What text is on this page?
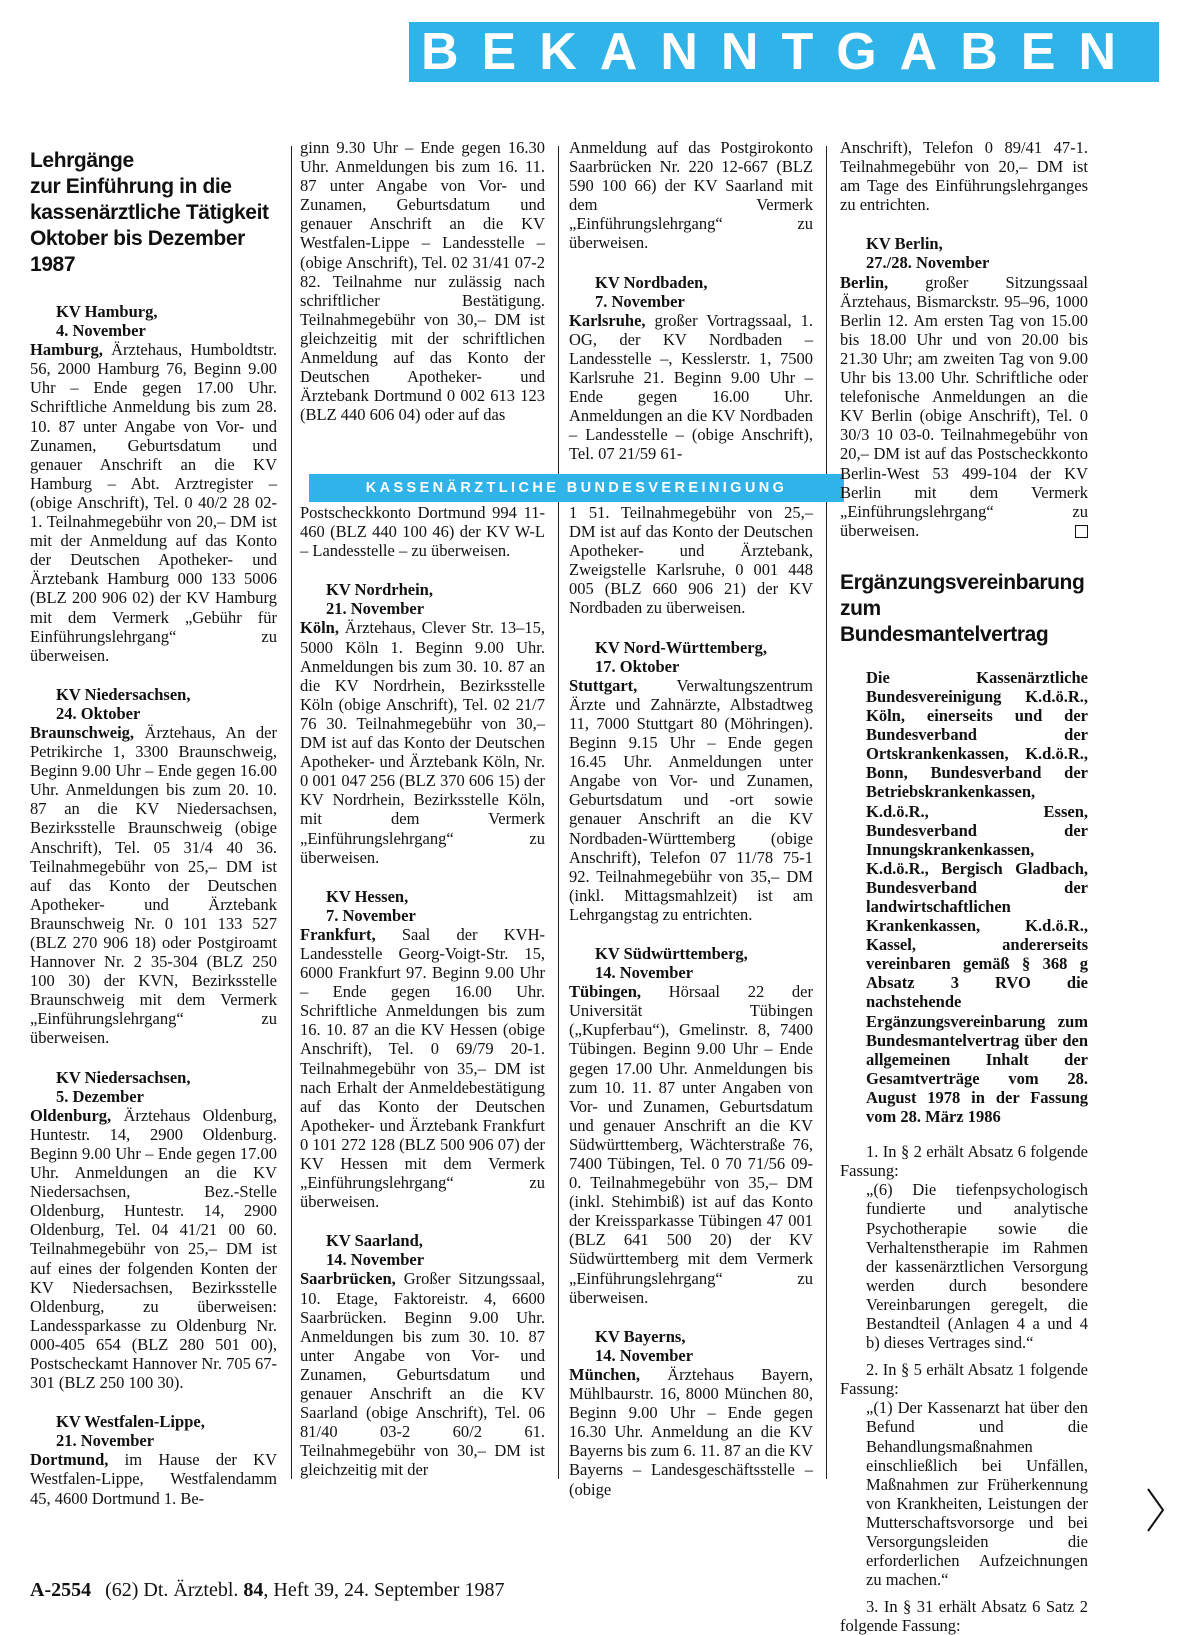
BEKANNTGABEN
Lehrgänge
zur Einführung in die
kassenärztliche Tätigkeit
Oktober bis Dezember
1987
KV Hamburg,
4. November

Hamburg, Ärztehaus, Humboldtstr. 56, 2000 Hamburg 76, Beginn 9.00 Uhr – Ende gegen 17.00 Uhr. Schriftliche Anmeldung bis zum 28. 10. 87 unter Angabe von Vor- und Zunamen, Geburtsdatum und genauer Anschrift an die KV Hamburg – Abt. Arztregister – (obige Anschrift), Tel. 0 40/2 28 02-1. Teilnahmegebühr von 20,– DM ist mit der Anmeldung auf das Konto der Deutschen Apotheker- und Ärztebank Hamburg 000 133 5006 (BLZ 200 906 02) der KV Hamburg mit dem Vermerk „Gebühr für Einführungslehrgang“ zu überweisen.

KV Niedersachsen,
24. Oktober

Braunschweig, Ärztehaus, An der Petrikirche 1, 3300 Braunschweig, Beginn 9.00 Uhr – Ende gegen 16.00 Uhr. Anmeldungen bis zum 20. 10. 87 an die KV Niedersachsen, Bezirksstelle Braunschweig (obige Anschrift), Tel. 05 31/4 40 36. Teilnahmegebühr von 25,– DM ist auf das Konto der Deutschen Apotheker- und Ärztebank Braunschweig Nr. 0 101 133 527 (BLZ 270 906 18) oder Postgiroamt Hannover Nr. 2 35-304 (BLZ 250 100 30) der KVN, Bezirksstelle Braunschweig mit dem Vermerk „Einführungslehrgang“ zu überweisen.

KV Niedersachsen,
5. Dezember

Oldenburg, Ärztehaus Oldenburg, Huntestr. 14, 2900 Oldenburg. Beginn 9.00 Uhr – Ende gegen 17.00 Uhr. Anmeldungen an die KV Niedersachsen, Bez.-Stelle Oldenburg, Huntestr. 14, 2900 Oldenburg, Tel. 04 41/21 00 60. Teilnahmegebühr von 25,– DM ist auf eines der folgenden Konten der KV Niedersachsen, Bezirksstelle Oldenburg, zu überweisen: Landessparkasse zu Oldenburg Nr. 000-405 654 (BLZ 280 501 00), Postscheckamt Hannover Nr. 705 67-301 (BLZ 250 100 30).

KV Westfalen-Lippe,
21. November

Dortmund, im Hause der KV Westfalen-Lippe, Westfalendamm 45, 4600 Dortmund 1. Be-

ginn 9.30 Uhr – Ende gegen 16.30 Uhr. Anmeldungen bis zum 16. 11. 87 unter Angabe von Vor- und Zunamen, Geburtsdatum und genauer Anschrift an die KV Westfalen-Lippe – Landesstelle – (obige Anschrift), Tel. 02 31/41 07-2 82. Teilnahme nur zulässig nach schriftlicher Bestätigung. Teilnahmegebühr von 30,– DM ist gleichzeitig mit der schriftlichen Anmeldung auf das Konto der Deutschen Apotheker- und Ärztebank Dortmund 0 002 613 123 (BLZ 440 606 04) oder auf das

Anmeldung auf das Postgirokonto Saarbrücken Nr. 220 12-667 (BLZ 590 100 66) der KV Saarland mit dem Vermerk „Einführungslehrgang“ zu überweisen.

KV Nordbaden,
7. November

Karlsruhe, großer Vortragssaal, 1. OG, der KV Nordbaden – Landesstelle –, Kesslerstr. 1, 7500 Karlsruhe 21. Beginn 9.00 Uhr – Ende gegen 16.00 Uhr. Anmeldungen an die KV Nordbaden – Landesstelle – (obige Anschrift), Tel. 07 21/59 61-

KASSENÄRZTLICHE BUNDESVEREINIGUNG

Postscheckkonto Dortmund 994 11-460 (BLZ 440 100 46) der KV W-L – Landesstelle – zu überweisen.

KV Nordrhein,
21. November

Köln, Ärztehaus, Clever Str. 13–15, 5000 Köln 1. Beginn 9.00 Uhr. Anmeldungen bis zum 30. 10. 87 an die KV Nordrhein, Bezirksstelle Köln (obige Anschrift), Tel. 02 21/7 76 30. Teilnahmegebühr von 30,– DM ist auf das Konto der Deutschen Apotheker- und Ärztebank Köln, Nr. 0 001 047 256 (BLZ 370 606 15) der KV Nordrhein, Bezirksstelle Köln, mit dem Vermerk „Einführungslehrgang“ zu überweisen.

KV Hessen,
7. November

Frankfurt, Saal der KVH-Landesstelle Georg-Voigt-Str. 15, 6000 Frankfurt 97. Beginn 9.00 Uhr – Ende gegen 16.00 Uhr. Schriftliche Anmeldungen bis zum 16. 10. 87 an die KV Hessen (obige Anschrift), Tel. 0 69/79 20-1. Teilnahmegebühr von 35,– DM ist nach Erhalt der Anmeldebestätigung auf das Konto der Deutschen Apotheker- und Ärztebank Frankfurt 0 101 272 128 (BLZ 500 906 07) der KV Hessen mit dem Vermerk „Einführungslehrgang“ zu überweisen.

KV Saarland,
14. November

Saarbrücken, Großer Sitzungssaal, 10. Etage, Faktoreistr. 4, 6600 Saarbrücken. Beginn 9.00 Uhr. Anmeldungen bis zum 30. 10. 87 unter Angabe von Vor- und Zunamen, Geburtsdatum und genauer Anschrift an die KV Saarland (obige Anschrift), Tel. 06 81/40 03-2 60/2 61. Teilnahmegebühr von 30,– DM ist gleichzeitig mit der

1 51. Teilnahmegebühr von 25,– DM ist auf das Konto der Deutschen Apotheker- und Ärztebank, Zweigstelle Karlsruhe, 0 001 448 005 (BLZ 660 906 21) der KV Nordbaden zu überweisen.

KV Nord-Württemberg,
17. Oktober

Stuttgart, Verwaltungszentrum Ärzte und Zahnärzte, Albstadtweg 11, 7000 Stuttgart 80 (Möhringen). Beginn 9.15 Uhr – Ende gegen 16.45 Uhr. Anmeldungen unter Angabe von Vor- und Zunamen, Geburtsdatum und -ort sowie genauer Anschrift an die KV Nordbaden-Württemberg (obige Anschrift), Telefon 07 11/78 75-1 92. Teilnahmegebühr von 35,– DM (inkl. Mittagsmahlzeit) ist am Lehrgangstag zu entrichten.

KV Südwürttemberg,
14. November

Tübingen, Hörsaal 22 der Universität Tübingen („Kupferbau“), Gmelinstr. 8, 7400 Tübingen. Beginn 9.00 Uhr – Ende gegen 17.00 Uhr. Anmeldungen bis zum 10. 11. 87 unter Angaben von Vor- und Zunamen, Geburtsdatum und genauer Anschrift an die KV Südwürttemberg, Wächterstraße 76, 7400 Tübingen, Tel. 0 70 71/56 09-0. Teilnahmegebühr von 35,– DM (inkl. Stehimbiß) ist auf das Konto der Kreissparkasse Tübingen 47 001 (BLZ 641 500 20) der KV Südwürttemberg mit dem Vermerk „Einführungslehrgang“ zu überweisen.

KV Bayerns,
14. November

München, Ärztehaus Bayern, Mühlbaurstr. 16, 8000 München 80, Beginn 9.00 Uhr – Ende gegen 16.30 Uhr. Anmeldung an die KV Bayerns bis zum 6. 11. 87 an die KV Bayerns – Landesgeschäftsstelle – (obige

Anschrift), Telefon 0 89/41 47-1. Teilnahmegebühr von 20,– DM ist am Tage des Einführungslehrganges zu entrichten.

KV Berlin,
27./28. November

Berlin, großer Sitzungssaal Ärztehaus, Bismarckstr. 95–96, 1000 Berlin 12. Am ersten Tag von 15.00 bis 18.00 Uhr und von 20.00 bis 21.30 Uhr; am zweiten Tag von 9.00 Uhr bis 13.00 Uhr. Schriftliche oder telefonische Anmeldungen an die KV Berlin (obige Anschrift), Tel. 0 30/3 10 03-0. Teilnahmegebühr von 20,– DM ist auf das Postscheckkonto Berlin-West 53 499-104 der KV Berlin mit dem Vermerk „Einführungslehrgang“ zu überweisen.

Ergänzungsvereinbarung
zum Bundesmantelvertrag

Die Kassenärztliche Bundesvereinigung K.d.ö.R., Köln, einerseits und der Bundesverband der Ortskrankenkassen, K.d.ö.R., Bonn, Bundesverband der Betriebskrankenkassen, K.d.ö.R., Essen, Bundesverband der Innungskrankenkassen, K.d.ö.R., Bergisch Gladbach, Bundesverband der landwirtschaftlichen Krankenkassen, K.d.ö.R., Kassel, andererseits vereinbaren gemäß § 368 g Absatz 3 RVO die nachstehende Ergänzungsvereinbarung zum Bundesmantelvertrag über den allgemeinen Inhalt der Gesamtverträge vom 28. August 1978 in der Fassung vom 28. März 1986

1. In § 2 erhält Absatz 6 folgende Fassung:

„(6) Die tiefenpsychologisch fundierte und analytische Psychotherapie sowie die Verhaltenstherapie im Rahmen der kassenärztlichen Versorgung werden durch besondere Vereinbarungen geregelt, die Bestandteil (Anlagen 4 a und 4 b) dieses Vertrages sind.“

2. In § 5 erhält Absatz 1 folgende Fassung:

„(1) Der Kassenarzt hat über den Befund und die Behandlungsmaßnahmen einschließlich bei Unfällen, Maßnahmen zur Früherkennung von Krankheiten, Leistungen der Mutterschaftsvorsorge und bei Versorgungsleiden die erforderlichen Aufzeichnungen zu machen.“

3. In § 31 erhält Absatz 6 Satz 2 folgende Fassung:

A-2554 (62) Dt. Ärztebl. 84, Heft 39, 24. September 1987
